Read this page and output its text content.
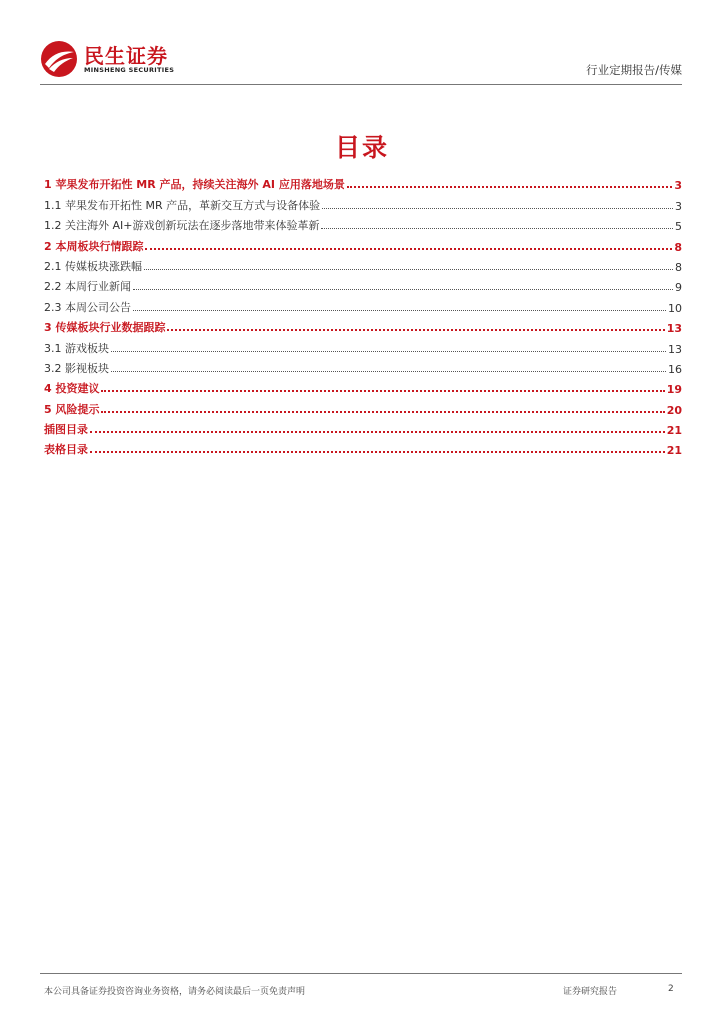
民生证券
MINSHENG SECURITIES	行业定期报告/传媒
目录
1 苹果发布开拓性 MR 产品，持续关注海外 AI 应用落地场景	3
1.1 苹果发布开拓性 MR 产品，革新交互方式与设备体验	3
1.2 关注海外 AI+游戏创新玩法在逐步落地带来体验革新	5
2 本周板块行情跟踪	8
2.1 传媒板块涨跌幅	8
2.2 本周行业新闻	9
2.3 本周公司公告	10
3 传媒板块行业数据跟踪	13
3.1 游戏板块	13
3.2 影视板块	16
4 投资建议	19
5 风险提示	20
插图目录	21
表格目录	21
本公司具备证券投资咨询业务资格，请务必阅读最后一页免责声明	证券研究报告	2
